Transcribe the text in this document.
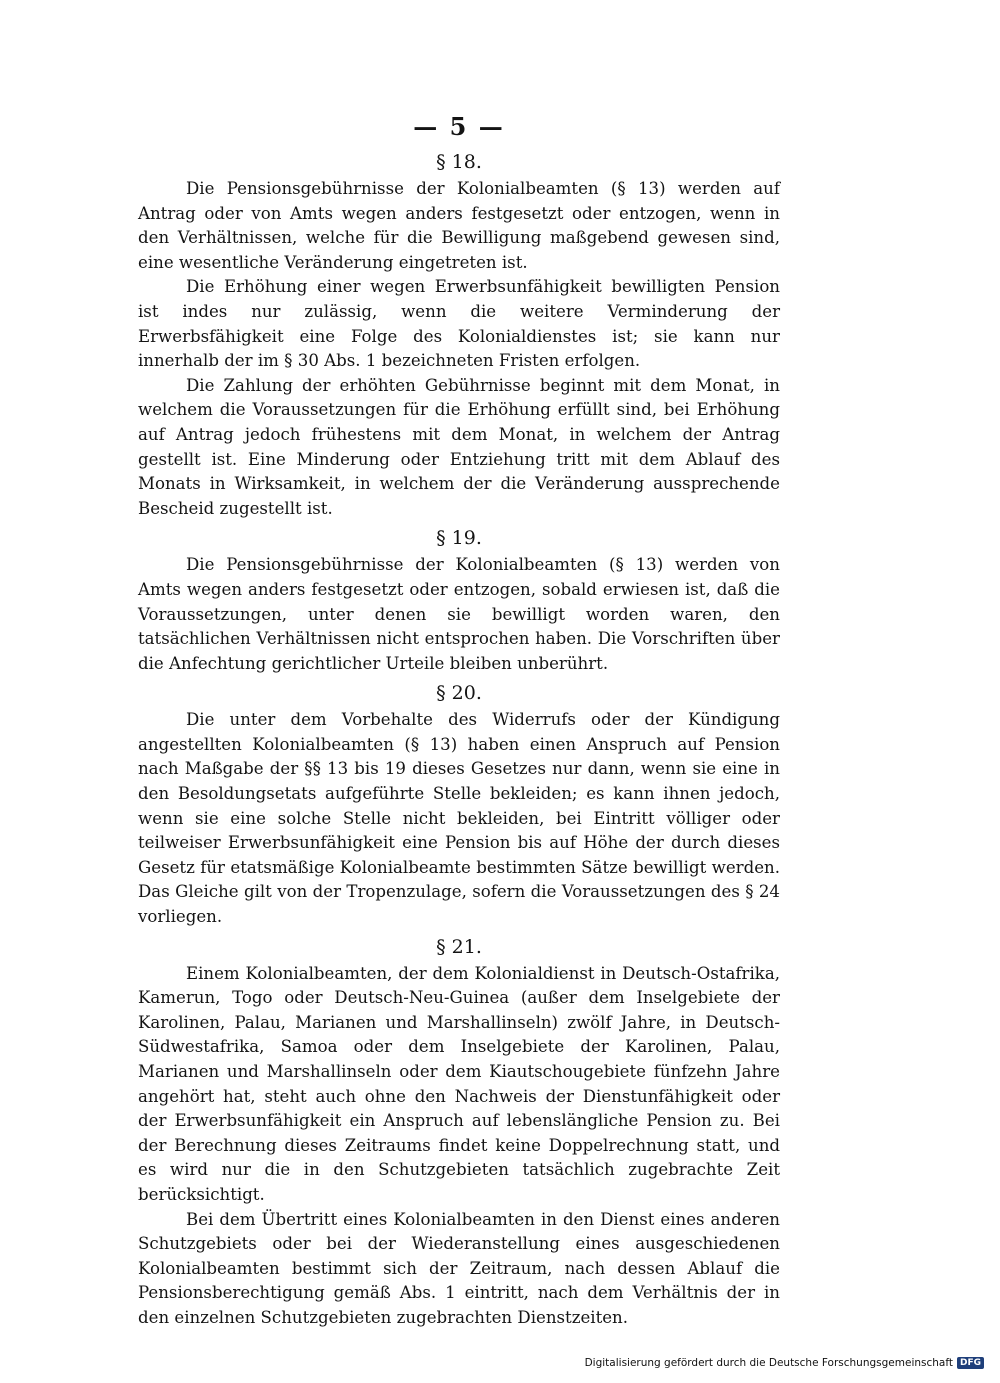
— 5 —
§ 18.

Die Pensionsgebührnisse der Kolonialbeamten (§ 13) werden auf Antrag oder von Amts wegen anders festgesetzt oder entzogen, wenn in den Verhältnissen, welche für die Bewilligung maßgebend gewesen sind, eine wesentliche Veränderung eingetreten ist.

Die Erhöhung einer wegen Erwerbsunfähigkeit bewilligten Pension ist indes nur zulässig, wenn die weitere Verminderung der Erwerbsfähigkeit eine Folge des Kolonialdienstes ist; sie kann nur innerhalb der im § 30 Abs. 1 bezeichneten Fristen erfolgen.

Die Zahlung der erhöhten Gebührnisse beginnt mit dem Monat, in welchem die Voraussetzungen für die Erhöhung erfüllt sind, bei Erhöhung auf Antrag jedoch frühestens mit dem Monat, in welchem der Antrag gestellt ist. Eine Minderung oder Entziehung tritt mit dem Ablauf des Monats in Wirksamkeit, in welchem der die Veränderung aussprechende Bescheid zugestellt ist.

§ 19.

Die Pensionsgebührnisse der Kolonialbeamten (§ 13) werden von Amts wegen anders festgesetzt oder entzogen, sobald erwiesen ist, daß die Voraussetzungen, unter denen sie bewilligt worden waren, den tatsächlichen Verhältnissen nicht entsprochen haben. Die Vorschriften über die Anfechtung gerichtlicher Urteile bleiben unberührt.

§ 20.

Die unter dem Vorbehalte des Widerrufs oder der Kündigung angestellten Kolonialbeamten (§ 13) haben einen Anspruch auf Pension nach Maßgabe der §§ 13 bis 19 dieses Gesetzes nur dann, wenn sie eine in den Besoldungsetats aufgeführte Stelle bekleiden; es kann ihnen jedoch, wenn sie eine solche Stelle nicht bekleiden, bei Eintritt völliger oder teilweiser Erwerbsunfähigkeit eine Pension bis auf Höhe der durch dieses Gesetz für etatsmäßige Kolonialbeamte bestimmten Sätze bewilligt werden. Das Gleiche gilt von der Tropenzulage, sofern die Voraussetzungen des § 24 vorliegen.

§ 21.

Einem Kolonialbeamten, der dem Kolonialdienst in Deutsch-Ostafrika, Kamerun, Togo oder Deutsch-Neu-Guinea (außer dem Inselgebiete der Karolinen, Palau, Marianen und Marshallinseln) zwölf Jahre, in Deutsch-Südwestafrika, Samoa oder dem Inselgebiete der Karolinen, Palau, Marianen und Marshallinseln oder dem Kiautschougebiete fünfzehn Jahre angehört hat, steht auch ohne den Nachweis der Dienstunfähigkeit oder der Erwerbsunfähigkeit ein Anspruch auf lebenslängliche Pension zu. Bei der Berechnung dieses Zeitraums findet keine Doppelrechnung statt, und es wird nur die in den Schutzgebieten tatsächlich zugebrachte Zeit berücksichtigt.

Bei dem Übertritt eines Kolonialbeamten in den Dienst eines anderen Schutzgebiets oder bei der Wiederanstellung eines ausgeschiedenen Kolonialbeamten bestimmt sich der Zeitraum, nach dessen Ablauf die Pensionsberechtigung gemäß Abs. 1 eintritt, nach dem Verhältnis der in den einzelnen Schutzgebieten zugebrachten Dienstzeiten.

Digitalisierung gefördert durch die Deutsche Forschungsgemeinschaft DFG
